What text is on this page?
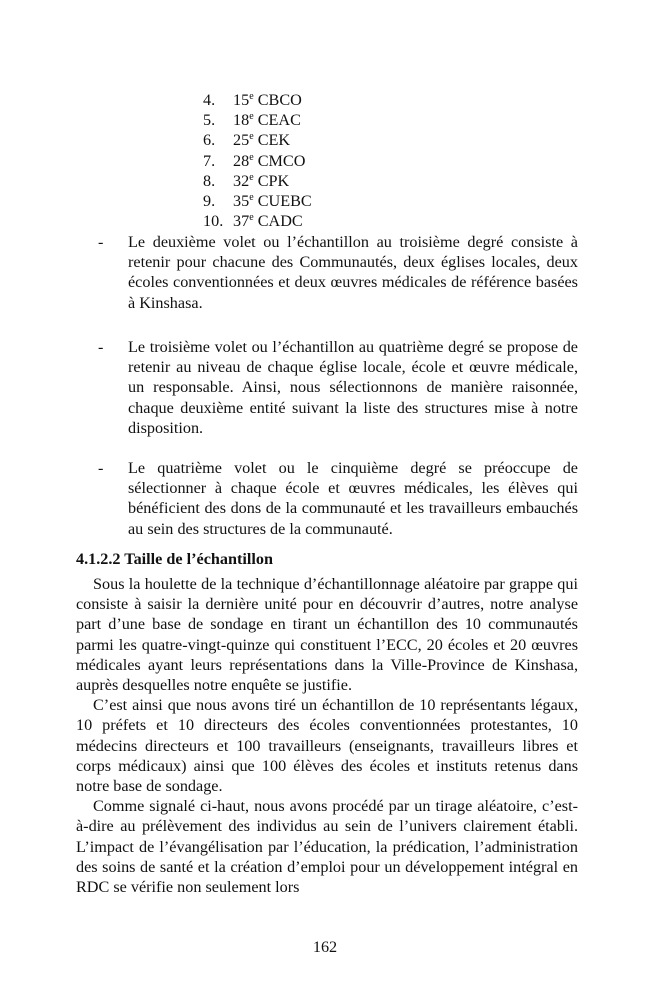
4. 15e CBCO
5. 18e CEAC
6. 25e CEK
7. 28e CMCO
8. 32e CPK
9. 35e CUEBC
10. 37e CADC
- Le deuxième volet ou l’échantillon au troisième degré consiste à retenir pour chacune des Communautés, deux églises locales, deux écoles conventionnées et deux œuvres médicales de référence basées à Kinshasa.
- Le troisième volet ou l’échantillon au quatrième degré se propose de retenir au niveau de chaque église locale, école et œuvre médicale, un responsable. Ainsi, nous sélectionnons de manière raisonnée, chaque deuxième entité suivant la liste des structures mise à notre disposition.
- Le quatrième volet ou le cinquième degré se préoccupe de sélectionner à chaque école et œuvres médicales, les élèves qui bénéficient des dons de la communauté et les travailleurs embauchés au sein des structures de la communauté.
4.1.2.2 Taille de l’échantillon

Sous la houlette de la technique d’échantillonnage aléatoire par grappe qui consiste à saisir la dernière unité pour en découvrir d’autres, notre analyse part d’une base de sondage en tirant un échantillon des 10 communautés parmi les quatre-vingt-quinze qui constituent l’ECC, 20 écoles et 20 œuvres médicales ayant leurs représentations dans la Ville-Province de Kinshasa, auprès desquelles notre enquête se justifie.

C’est ainsi que nous avons tiré un échantillon de 10 représentants légaux, 10 préfets et 10 directeurs des écoles conventionnées protestantes, 10 médecins directeurs et 100 travailleurs (enseignants, travailleurs libres et corps médicaux) ainsi que 100 élèves des écoles et instituts retenus dans notre base de sondage.

Comme signalé ci-haut, nous avons procédé par un tirage aléatoire, c’est-à-dire au prélèvement des individus au sein de l’univers clairement établi. L’impact de l’évangélisation par l’éducation, la prédication, l’administration des soins de santé et la création d’emploi pour un développement intégral en RDC se vérifie non seulement lors

162
